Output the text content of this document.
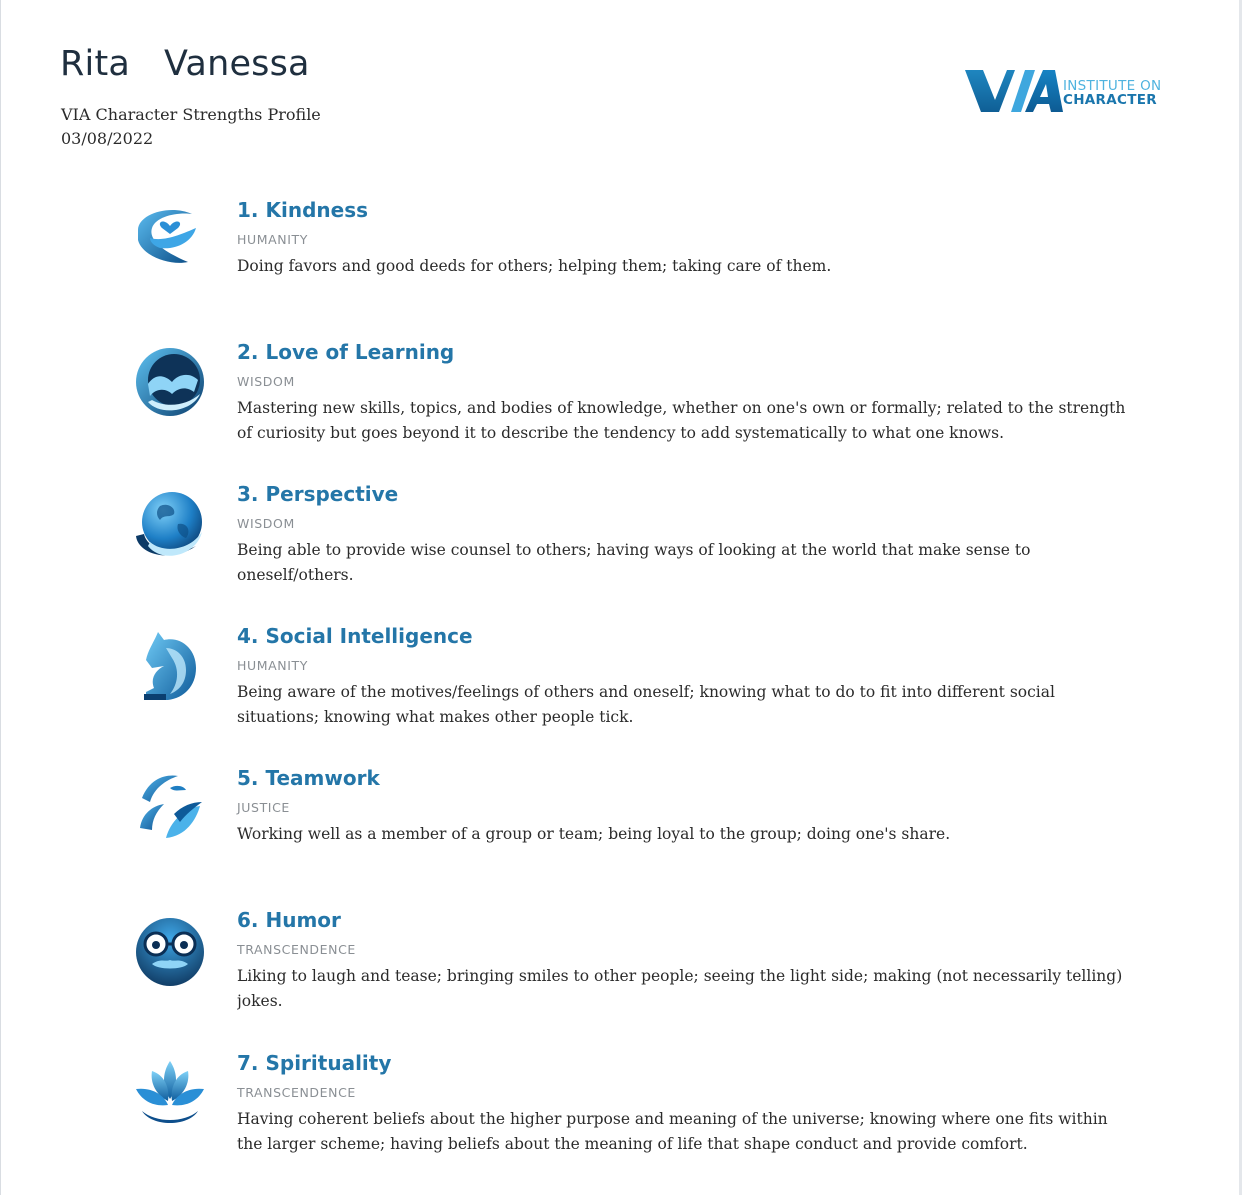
Rita   Vanessa
VIA Character Strengths Profile
03/08/2022
INSTITUTE ON
CHARACTER
1. Kindness
HUMANITY
Doing favors and good deeds for others; helping them; taking care of them.
2. Love of Learning
WISDOM
Mastering new skills, topics, and bodies of knowledge, whether on one's own or formally; related to the strength of curiosity but goes beyond it to describe the tendency to add systematically to what one knows.
3. Perspective
WISDOM
Being able to provide wise counsel to others; having ways of looking at the world that make sense to oneself/others.
4. Social Intelligence
HUMANITY
Being aware of the motives/feelings of others and oneself; knowing what to do to fit into different social situations; knowing what makes other people tick.
5. Teamwork
JUSTICE
Working well as a member of a group or team; being loyal to the group; doing one's share.
6. Humor
TRANSCENDENCE
Liking to laugh and tease; bringing smiles to other people; seeing the light side; making (not necessarily telling) jokes.
7. Spirituality
TRANSCENDENCE
Having coherent beliefs about the higher purpose and meaning of the universe; knowing where one fits within the larger scheme; having beliefs about the meaning of life that shape conduct and provide comfort.
